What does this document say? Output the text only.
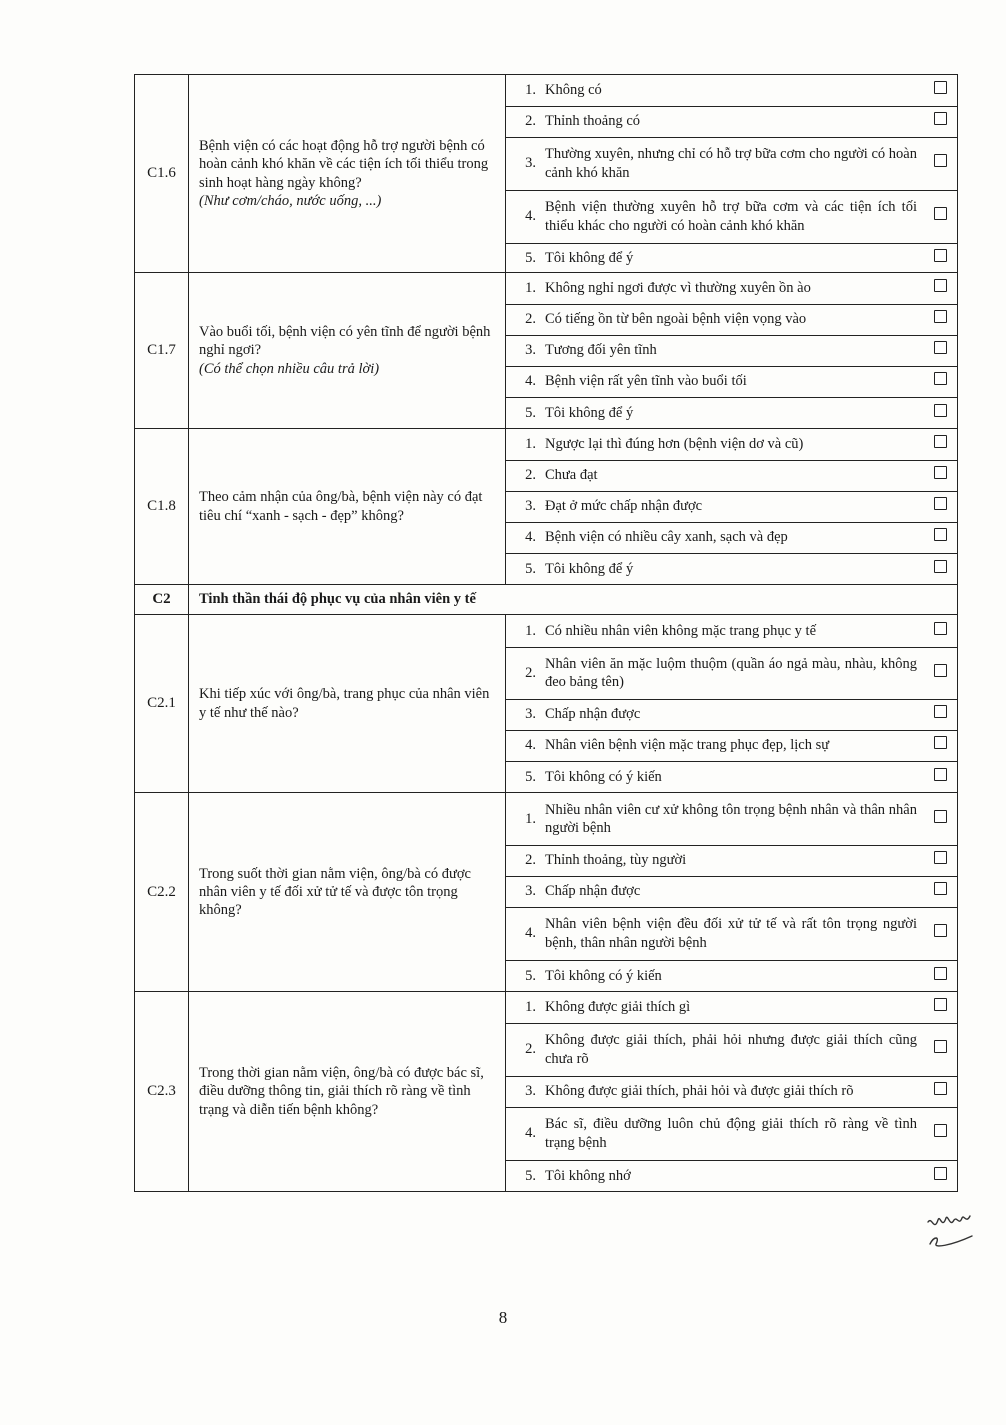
C1.6	
Bệnh viện có các hoạt động hỗ trợ người bệnh có hoàn cảnh khó khăn về các tiện ích tối thiểu trong sinh hoạt hàng ngày không?
(Như cơm/cháo, nước uống, ...)

1.	Không có	
2.	Thỉnh thoảng có	
3.	Thường xuyên, nhưng chỉ có hỗ trợ bữa cơm cho người có hoàn cảnh khó khăn	
4.	Bệnh viện thường xuyên hỗ trợ bữa cơm và các tiện ích tối thiểu khác cho người có hoàn cảnh khó khăn	
5.	Tôi không để ý	

C1.7	
Vào buổi tối, bệnh viện có yên tĩnh để người bệnh nghỉ ngơi?
(Có thể chọn nhiều câu trả lời)

1.	Không nghỉ ngơi được vì thường xuyên ồn ào	
2.	Có tiếng ồn từ bên ngoài bệnh viện vọng vào	
3.	Tương đối yên tĩnh	
4.	Bệnh viện rất yên tĩnh vào buổi tối	
5.	Tôi không để ý	

C1.8	
Theo cảm nhận của ông/bà, bệnh viện này có đạt tiêu chí “xanh - sạch - đẹp” không?

1.	Ngược lại thì đúng hơn (bệnh viện dơ và cũ)	
2.	Chưa đạt	
3.	Đạt ở mức chấp nhận được	
4.	Bệnh viện có nhiều cây xanh, sạch và đẹp	
5.	Tôi không để ý	

C2	Tinh thần thái độ phục vụ của nhân viên y tế
C2.1	
Khi tiếp xúc với ông/bà, trang phục của nhân viên y tế như thế nào?

1.	Có nhiều nhân viên không mặc trang phục y tế	
2.	Nhân viên ăn mặc luộm thuộm (quần áo ngả màu, nhàu, không đeo bảng tên)	
3.	Chấp nhận được	
4.	Nhân viên bệnh viện mặc trang phục đẹp, lịch sự	
5.	Tôi không có ý kiến	

C2.2	
Trong suốt thời gian nằm viện, ông/bà có được nhân viên y tế đối xử tử tế và được tôn trọng không?

1.	Nhiều nhân viên cư xử không tôn trọng bệnh nhân và thân nhân người bệnh	
2.	Thỉnh thoảng, tùy người	
3.	Chấp nhận được	
4.	Nhân viên bệnh viện đều đối xử tử tế và rất tôn trọng người bệnh, thân nhân người bệnh	
5.	Tôi không có ý kiến	

C2.3	
Trong thời gian nằm viện, ông/bà có được bác sĩ, điều dưỡng thông tin, giải thích rõ ràng về tình trạng và diễn tiến bệnh không?

1.	Không được giải thích gì	
2.	Không được giải thích, phải hỏi nhưng được giải thích cũng chưa rõ	
3.	Không được giải thích, phải hỏi và được giải thích rõ	
4.	Bác sĩ, điều dưỡng luôn chủ động giải thích rõ ràng về tình trạng bệnh	
5.	Tôi không nhớ	
8
